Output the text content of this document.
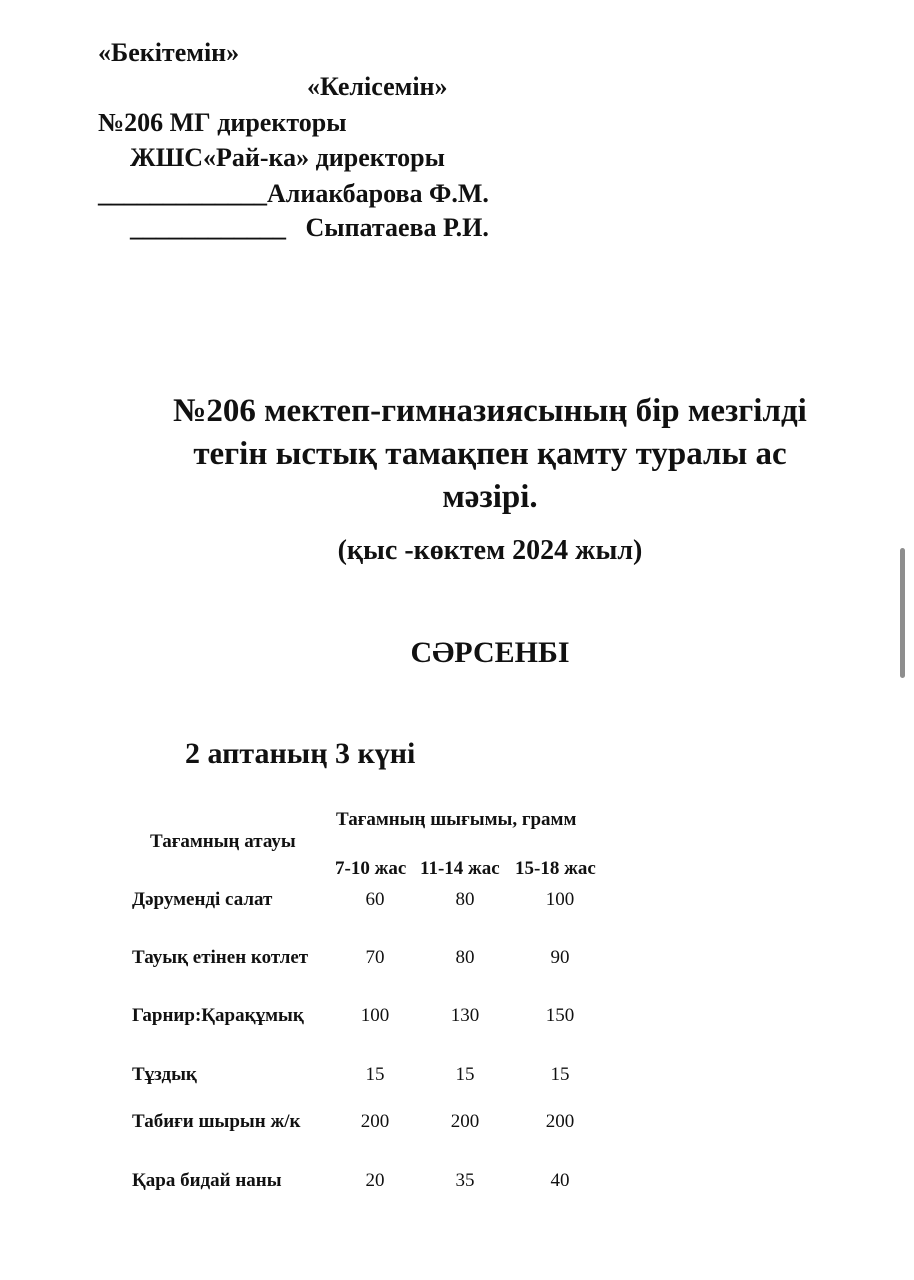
«Бекітемін»
«Келісемін»
№206 МГ директоры
ЖШС«Рай-ка» директоры
_____________Алиакбарова Ф.М.
____________   Сыпатаева Р.И.
№206 мектеп-гимназиясының бір мезгілді
тегін ыстық тамақпен қамту туралы ас
мәзірі.
(қыс -көктем 2024 жыл)
СӘРСЕНБІ
2 аптаның 3 күні
Тағамның атауы
Тағамның шығымы, грамм
7-10 жас 11-14 жас 15-18 жас
Дәруменді салат	60	80	100
Тауық етінен котлет	70	80	90
Гарнир:Қарақұмық	100	130	150
Тұздық	15	15	15
Табиғи шырын ж/к	200	200	200
Қара бидай наны	20	35	40
